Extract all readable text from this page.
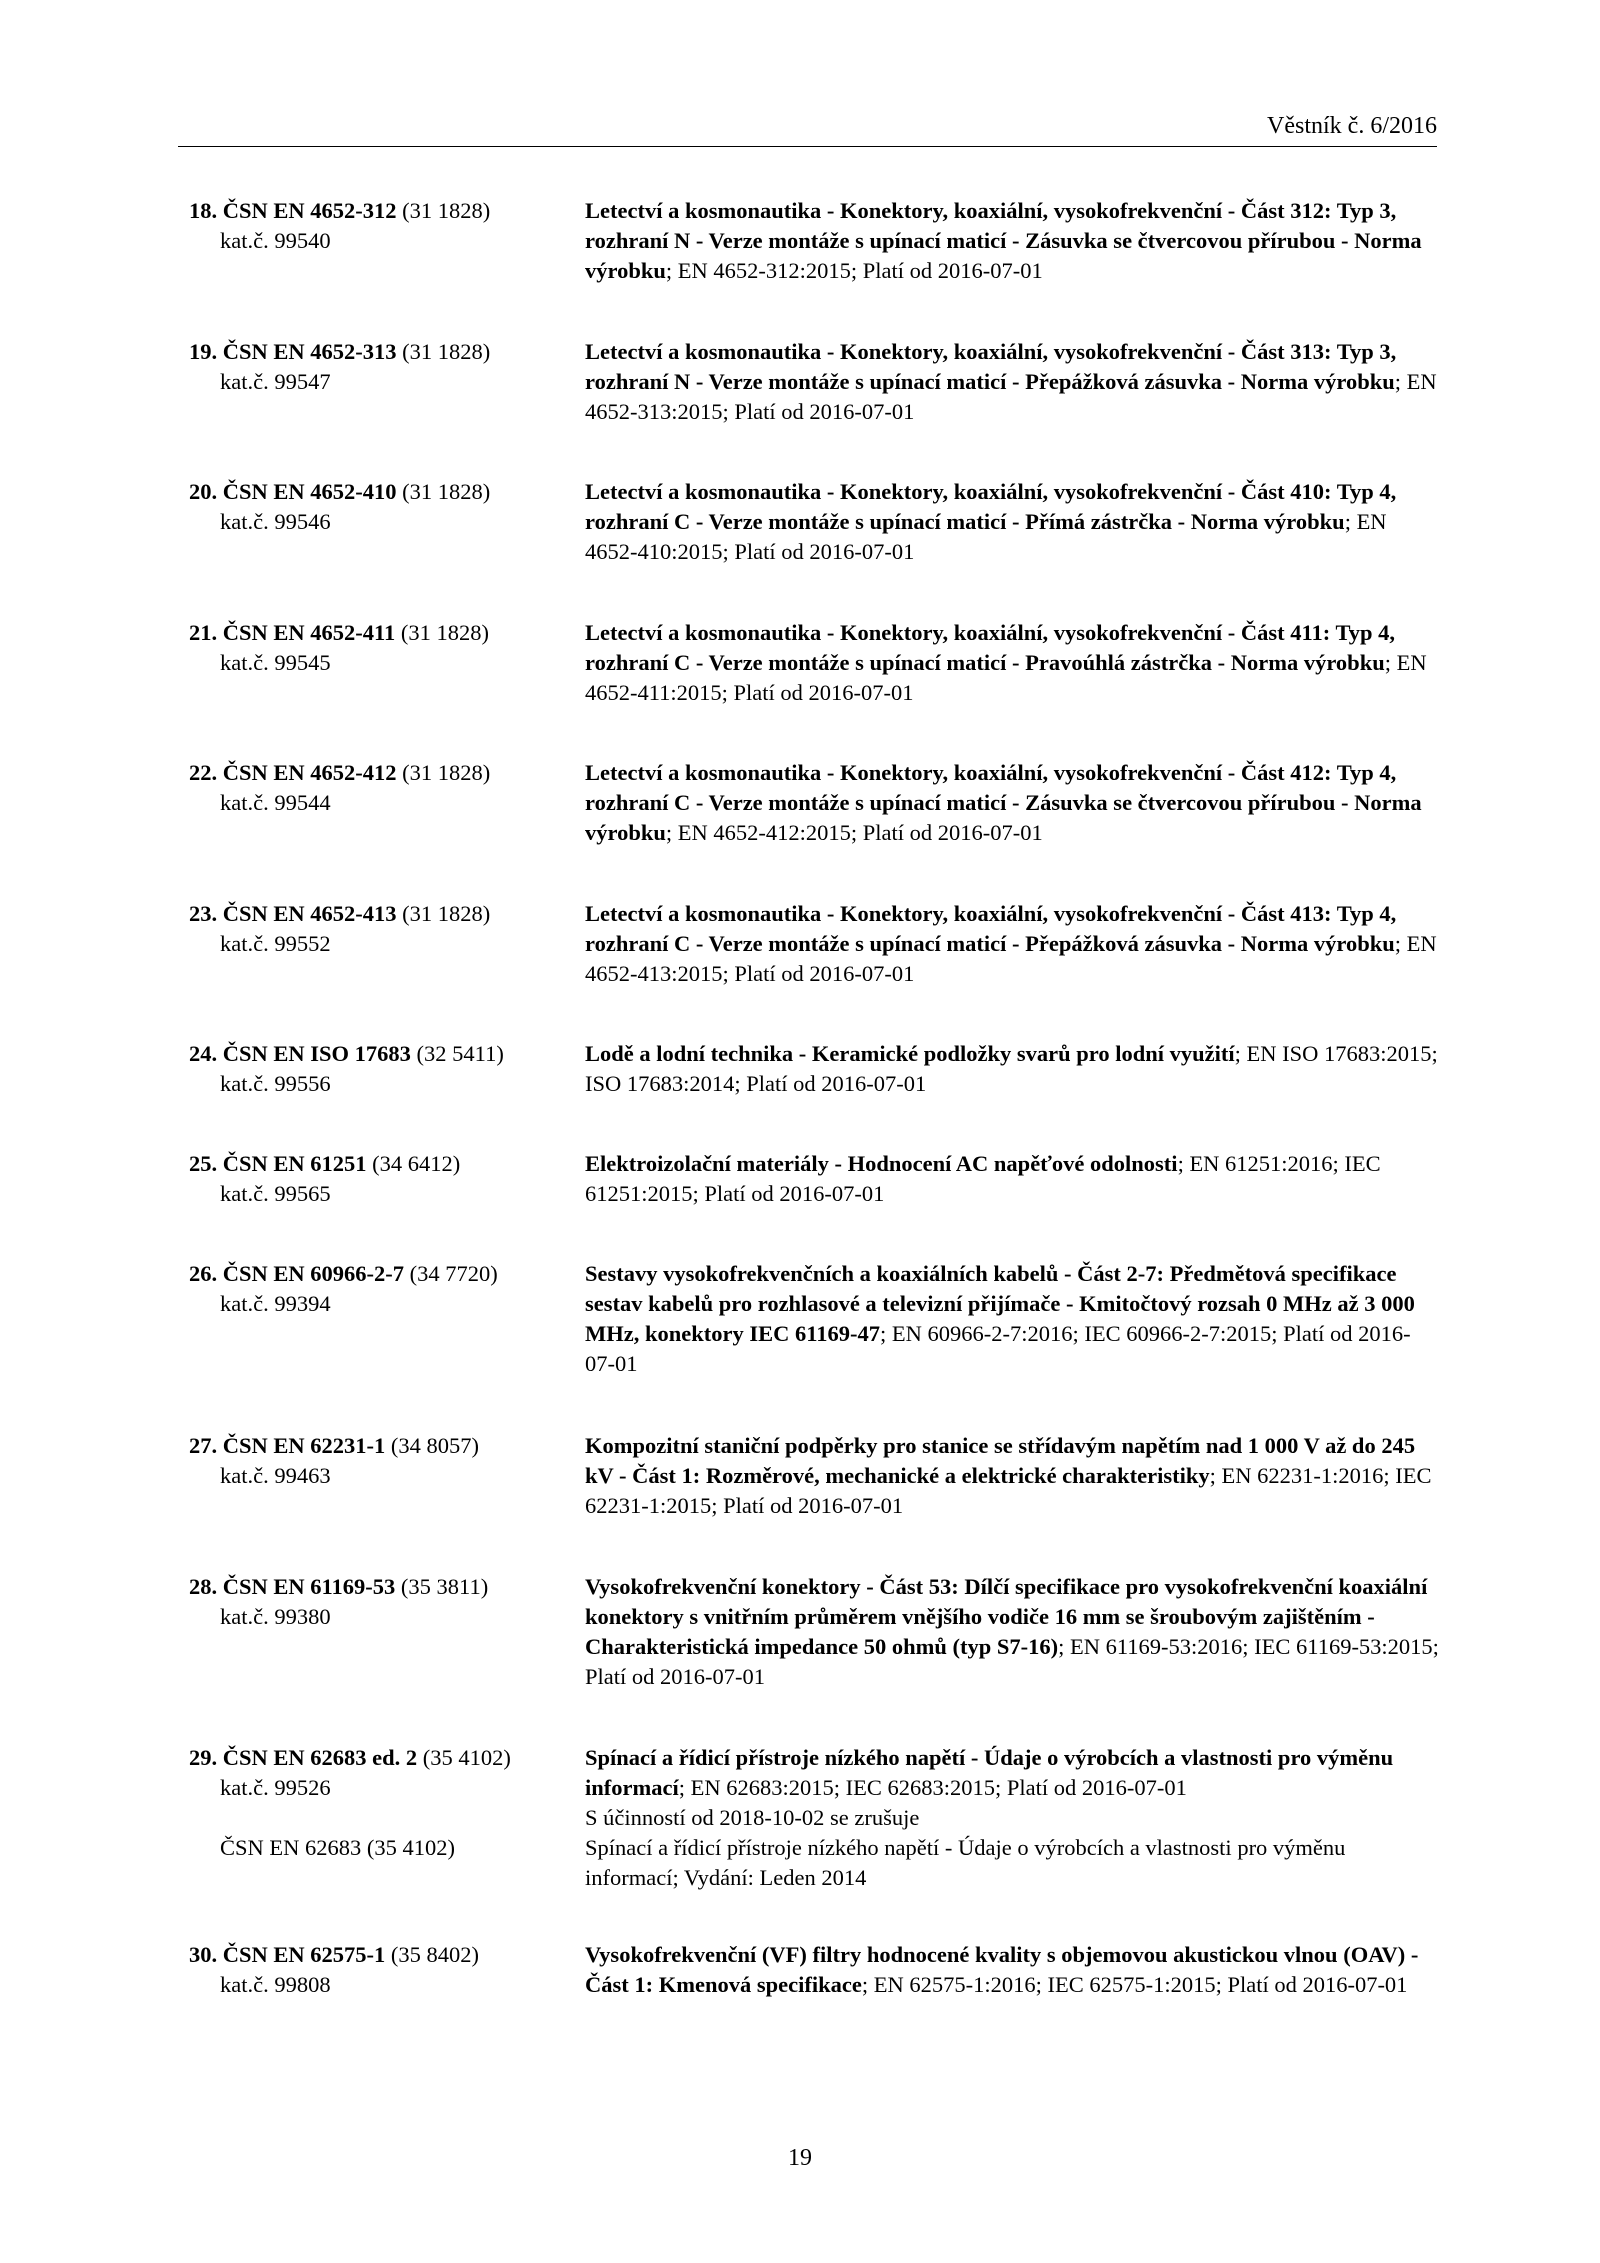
Věstník č. 6/2016
18. ČSN EN 4652-312 (31 1828)
kat.č. 99540
Letectví a kosmonautika - Konektory, koaxiální, vysokofrekvenční - Část 312: Typ 3, rozhraní N - Verze montáže s upínací maticí - Zásuvka se čtvercovou přírubou - Norma výrobku; EN 4652-312:2015; Platí od 2016-07-01
19. ČSN EN 4652-313 (31 1828)
kat.č. 99547
Letectví a kosmonautika - Konektory, koaxiální, vysokofrekvenční - Část 313: Typ 3, rozhraní N - Verze montáže s upínací maticí - Přepážková zásuvka - Norma výrobku; EN 4652-313:2015; Platí od 2016-07-01
20. ČSN EN 4652-410 (31 1828)
kat.č. 99546
Letectví a kosmonautika - Konektory, koaxiální, vysokofrekvenční - Část 410: Typ 4, rozhraní C - Verze montáže s upínací maticí - Přímá zástrčka - Norma výrobku; EN 4652-410:2015; Platí od 2016-07-01
21. ČSN EN 4652-411 (31 1828)
kat.č. 99545
Letectví a kosmonautika - Konektory, koaxiální, vysokofrekvenční - Část 411: Typ 4, rozhraní C - Verze montáže s upínací maticí - Pravoúhlá zástrčka - Norma výrobku; EN 4652-411:2015; Platí od 2016-07-01
22. ČSN EN 4652-412 (31 1828)
kat.č. 99544
Letectví a kosmonautika - Konektory, koaxiální, vysokofrekvenční - Část 412: Typ 4, rozhraní C - Verze montáže s upínací maticí - Zásuvka se čtvercovou přírubou - Norma výrobku; EN 4652-412:2015; Platí od 2016-07-01
23. ČSN EN 4652-413 (31 1828)
kat.č. 99552
Letectví a kosmonautika - Konektory, koaxiální, vysokofrekvenční - Část 413: Typ 4, rozhraní C - Verze montáže s upínací maticí - Přepážková zásuvka - Norma výrobku; EN 4652-413:2015; Platí od 2016-07-01
24. ČSN EN ISO 17683 (32 5411)
kat.č. 99556
Lodě a lodní technika - Keramické podložky svarů pro lodní využití; EN ISO 17683:2015; ISO 17683:2014; Platí od 2016-07-01
25. ČSN EN 61251 (34 6412)
kat.č. 99565
Elektroizolační materiály - Hodnocení AC napěťové odolnosti; EN 61251:2016; IEC 61251:2015; Platí od 2016-07-01
26. ČSN EN 60966-2-7 (34 7720)
kat.č. 99394
Sestavy vysokofrekvenčních a koaxiálních kabelů - Část 2-7: Předmětová specifikace sestav kabelů pro rozhlasové a televizní přijímače - Kmitočtový rozsah 0 MHz až 3 000 MHz, konektory IEC 61169-47; EN 60966-2-7:2016; IEC 60966-2-7:2015; Platí od 2016-07-01
27. ČSN EN 62231-1 (34 8057)
kat.č. 99463
Kompozitní staniční podpěrky pro stanice se střídavým napětím nad 1 000 V až do 245 kV - Část 1: Rozměrové, mechanické a elektrické charakteristiky; EN 62231-1:2016; IEC 62231-1:2015; Platí od 2016-07-01
28. ČSN EN 61169-53 (35 3811)
kat.č. 99380
Vysokofrekvenční konektory - Část 53: Dílčí specifikace pro vysokofrekvenční koaxiální konektory s vnitřním průměrem vnějšího vodiče 16 mm se šroubovým zajištěním - Charakteristická impedance 50 ohmů (typ S7-16); EN 61169-53:2016; IEC 61169-53:2015; Platí od 2016-07-01
29. ČSN EN 62683 ed. 2 (35 4102)
kat.č. 99526
Spínací a řídicí přístroje nízkého napětí - Údaje o výrobcích a vlastnosti pro výměnu informací; EN 62683:2015; IEC 62683:2015; Platí od 2016-07-01
S účinností od 2018-10-02 se zrušuje
ČSN EN 62683 (35 4102)	Spínací a řídicí přístroje nízkého napětí - Údaje o výrobcích a vlastnosti pro výměnu informací; Vydání: Leden 2014
30. ČSN EN 62575-1 (35 8402)
kat.č. 99808
Vysokofrekvenční (VF) filtry hodnocené kvality s objemovou akustickou vlnou (OAV) - Část 1: Kmenová specifikace; EN 62575-1:2016; IEC 62575-1:2015; Platí od 2016-07-01
19
